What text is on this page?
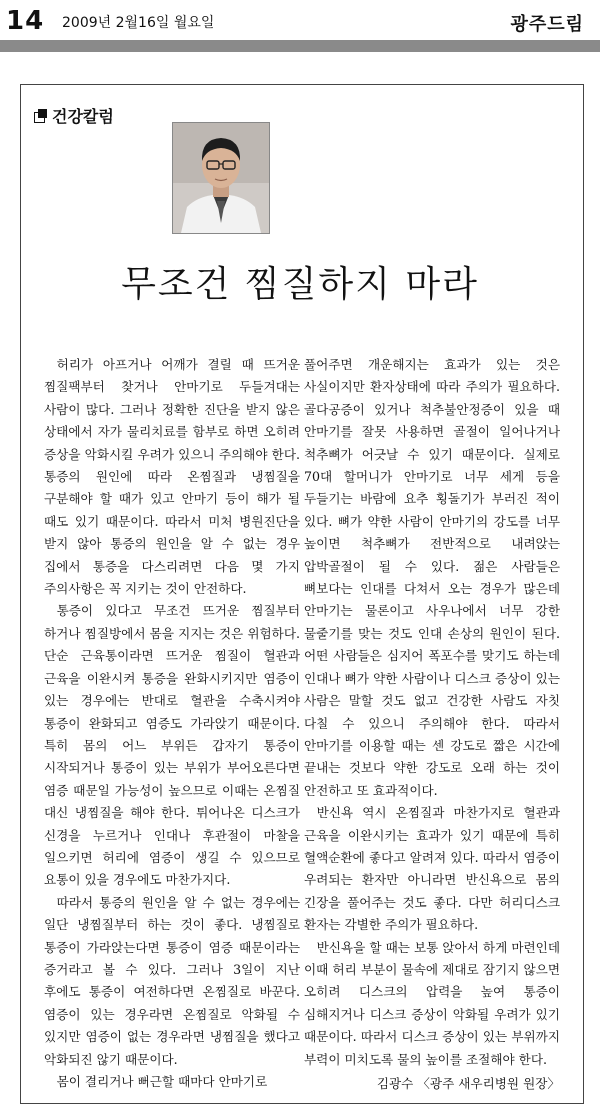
14 2009년 2월16일 월요일	광주드림
건강칼럼
무조건 찜질하지 마라

허리가 아프거나 어깨가 결릴 때 뜨거운 찜질팩부터 찾거나 안마기로 두들겨대는 사람이 많다. 그러나 정확한 진단을 받지 않은 상태에서 자가 물리치료를 함부로 하면 오히려 증상을 악화시킬 우려가 있으니 주의해야 한다. 통증의 원인에 따라 온찜질과 냉찜질을 구분해야 할 때가 있고 안마기 등이 해가 될 때도 있기 때문이다. 따라서 미처 병원진단을 받지 않아 통증의 원인을 알 수 없는 경우 집에서 통증을 다스리려면 다음 몇 가지 주의사항은 꼭 지키는 것이 안전하다.

통증이 있다고 무조건 뜨거운 찜질부터 하거나 찜질방에서 몸을 지지는 것은 위험하다. 단순 근육통이라면 뜨거운 찜질이 혈관과 근육을 이완시켜 통증을 완화시키지만 염증이 있는 경우에는 반대로 혈관을 수축시켜야 통증이 완화되고 염증도 가라앉기 때문이다. 특히 몸의 어느 부위든 갑자기 통증이 시작되거나 통증이 있는 부위가 부어오른다면 염증 때문일 가능성이 높으므로 이때는 온찜질 대신 냉찜질을 해야 한다. 튀어나온 디스크가 신경을 누르거나 인대나 후관절이 마찰을 일으키면 허리에 염증이 생길 수 있으므로 요통이 있을 경우에도 마찬가지다.

따라서 통증의 원인을 알 수 없는 경우에는 일단 냉찜질부터 하는 것이 좋다. 냉찜질로 통증이 가라앉는다면 통증이 염증 때문이라는 증거라고 볼 수 있다. 그러나 3일이 지난 후에도 통증이 여전하다면 온찜질로 바꾼다. 염증이 있는 경우라면 온찜질로 악화될 수 있지만 염증이 없는 경우라면 냉찜질을 했다고 악화되진 않기 때문이다.

몸이 결리거나 뻐근할 때마다 안마기로

풀어주면 개운해지는 효과가 있는 것은 사실이지만 환자상태에 따라 주의가 필요하다. 골다공증이 있거나 척추불안정증이 있을 때 안마기를 잘못 사용하면 골절이 일어나거나 척추뼈가 어긋날 수 있기 때문이다. 실제로 70대 할머니가 안마기로 너무 세게 등을 두들기는 바람에 요추 횡돌기가 부러진 적이 있다. 뼈가 약한 사람이 안마기의 강도를 너무 높이면 척추뼈가 전반적으로 내려앉는 압박골절이 될 수 있다. 젊은 사람들은 뼈보다는 인대를 다쳐서 오는 경우가 많은데 안마기는 물론이고 사우나에서 너무 강한 물줄기를 맞는 것도 인대 손상의 원인이 된다. 어떤 사람들은 심지어 폭포수를 맞기도 하는데 인대나 뼈가 약한 사람이나 디스크 증상이 있는 사람은 말할 것도 없고 건강한 사람도 자칫 다칠 수 있으니 주의해야 한다. 따라서 안마기를 이용할 때는 센 강도로 짧은 시간에 끝내는 것보다 약한 강도로 오래 하는 것이 안전하고 또 효과적이다.

반신욕 역시 온찜질과 마찬가지로 혈관과 근육을 이완시키는 효과가 있기 때문에 특히 혈액순환에 좋다고 알려져 있다. 따라서 염증이 우려되는 환자만 아니라면 반신욕으로 몸의 긴장을 풀어주는 것도 좋다. 다만 허리디스크 환자는 각별한 주의가 필요하다.

반신욕을 할 때는 보통 앉아서 하게 마련인데 이때 허리 부분이 물속에 제대로 잠기지 않으면 오히려 디스크의 압력을 높여 통증이 심해지거나 디스크 증상이 악화될 우려가 있기 때문이다. 따라서 디스크 증상이 있는 부위까지 부력이 미치도록 물의 높이를 조절해야 한다.

김광수 〈광주 새우리병원 원장〉
